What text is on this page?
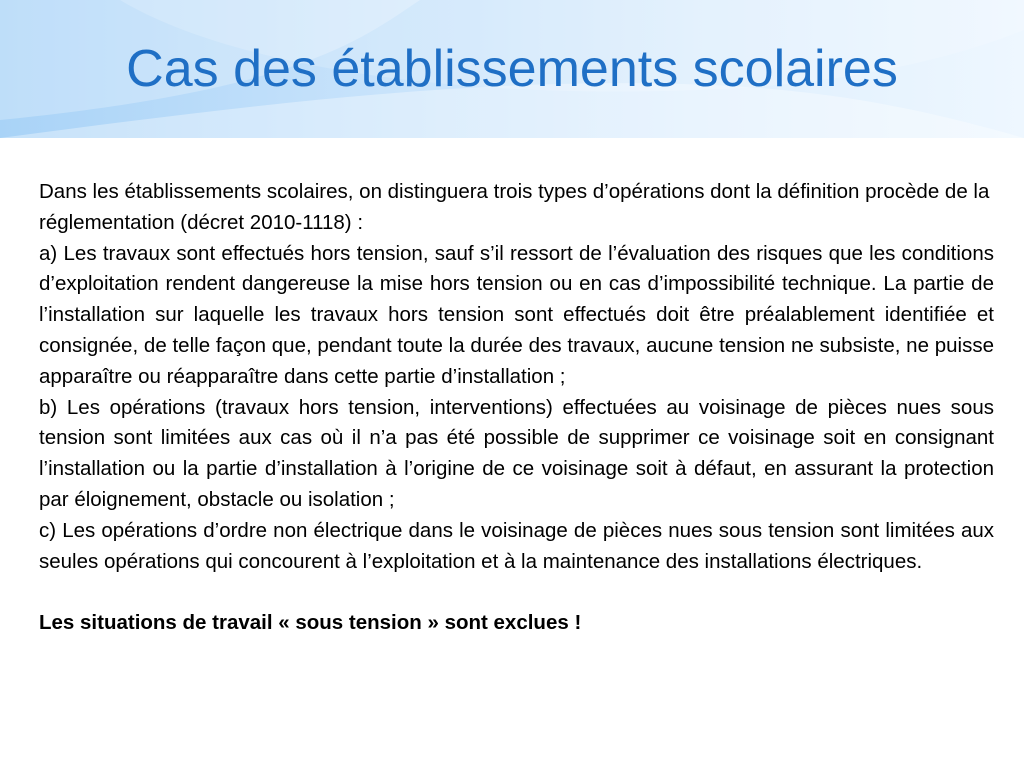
Cas des établissements scolaires

Dans les établissements scolaires, on distinguera trois types d’opérations dont la définition procède de la réglementation (décret 2010-1118) :

a) Les travaux sont effectués hors tension, sauf s’il ressort de l’évaluation des risques que les conditions d’exploitation rendent dangereuse la mise hors tension ou en cas d’impossibilité technique. La partie de l’installation sur laquelle les travaux hors tension sont effectués doit être préalablement identifiée et consignée, de telle façon que, pendant toute la durée des travaux, aucune tension ne subsiste, ne puisse apparaître ou réapparaître dans cette partie d’installation ;

b) Les opérations (travaux hors tension, interventions) effectuées au voisinage de pièces nues sous tension sont limitées aux cas où il n’a pas été possible de supprimer ce voisinage soit en consignant l’installation ou la partie d’installation à l’origine de ce voisinage soit à défaut, en assurant la protection par éloignement, obstacle ou isolation ;

c) Les opérations d’ordre non électrique dans le voisinage de pièces nues sous tension sont limitées aux seules opérations qui concourent à l’exploitation et à la maintenance des installations électriques.

Les situations de travail « sous tension » sont exclues !
